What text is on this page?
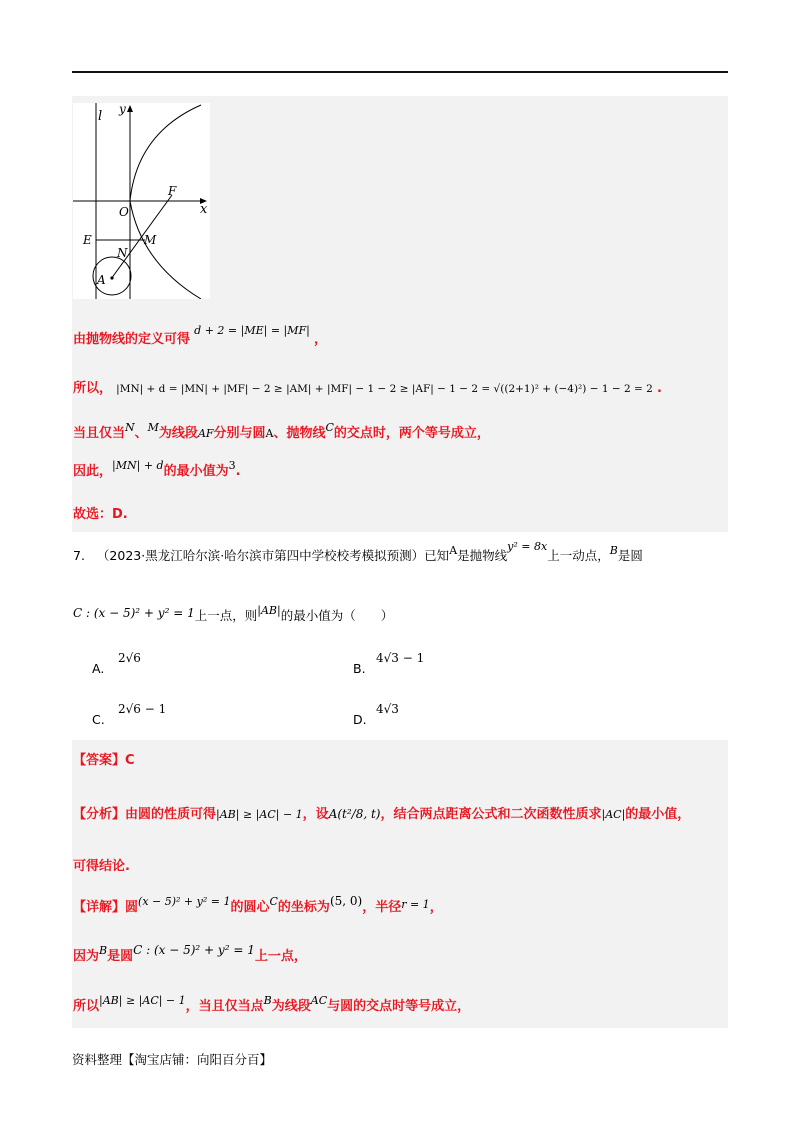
l y
x
O
F
E	M
N
A
由抛物线的定义可得 $^{d + 2 = |ME| = |MF|}$ ，
所以， |MN| + d = |MN| + |MF| − 2 ≥ |AM| + |MF| − 1 − 2 ≥ |AF| − 1 − 2 = √((2+1)² + (−4)²) − 1 − 2 = 2 .
当且仅当$^N$、$^M$为线段AF分别与圆A、抛物线$^C$的交点时，两个等号成立，
因此，$^{|MN| + d}$的最小值为$^3$.
故选：D.
7. （2023·黑龙江哈尔滨·哈尔滨市第四中学校校考模拟预测）已知A是抛物线y² = 8x上一动点，B是圆
C : (x − 5)² + y² = 1上一点，则|AB|的最小值为（　　）
A.
2√6
B.
4√3 − 1
C.
2√6 − 1
D.
4√3
【答案】C
【分析】由圆的性质可得|AB| ≥ |AC| − 1，设A(t²/8, t)，结合两点距离公式和二次函数性质求|AC|的最小值，
可得结论.
【详解】圆$^{(x - 5)^2 + y^2 = 1}$的圆心$^C$的坐标为(5, 0)，半径$^{r = 1}$，
因为$^B$是圆C : (x − 5)² + y² = 1上一点，
所以$^{|AB| \ge |AC| - 1}$，当且仅当点$^B$为线段$^{AC}$与圆的交点时等号成立，
资料整理【淘宝店铺：向阳百分百】
